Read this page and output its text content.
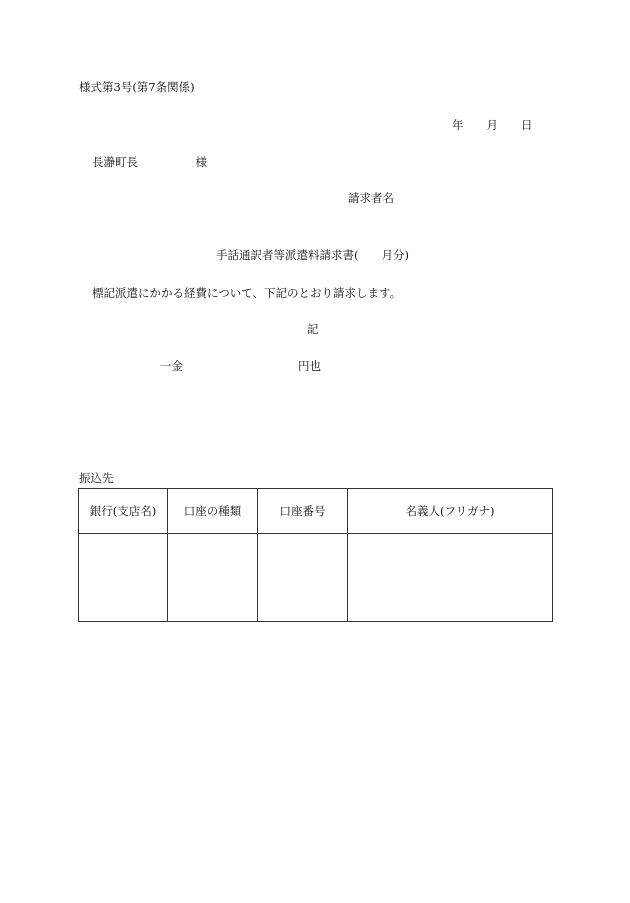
様式第3号(第7条関係)
年　　月　　日
長瀞町長　　　　　様
請求者名
手話通訳者等派遣料請求書(　　月分)
標記派遣にかかる経費について、下記のとおり請求します。
記
一金　　　　　　　　　　円也
振込先
銀行(支店名)	口座の種類	口座番号	名義人(フリガナ)
